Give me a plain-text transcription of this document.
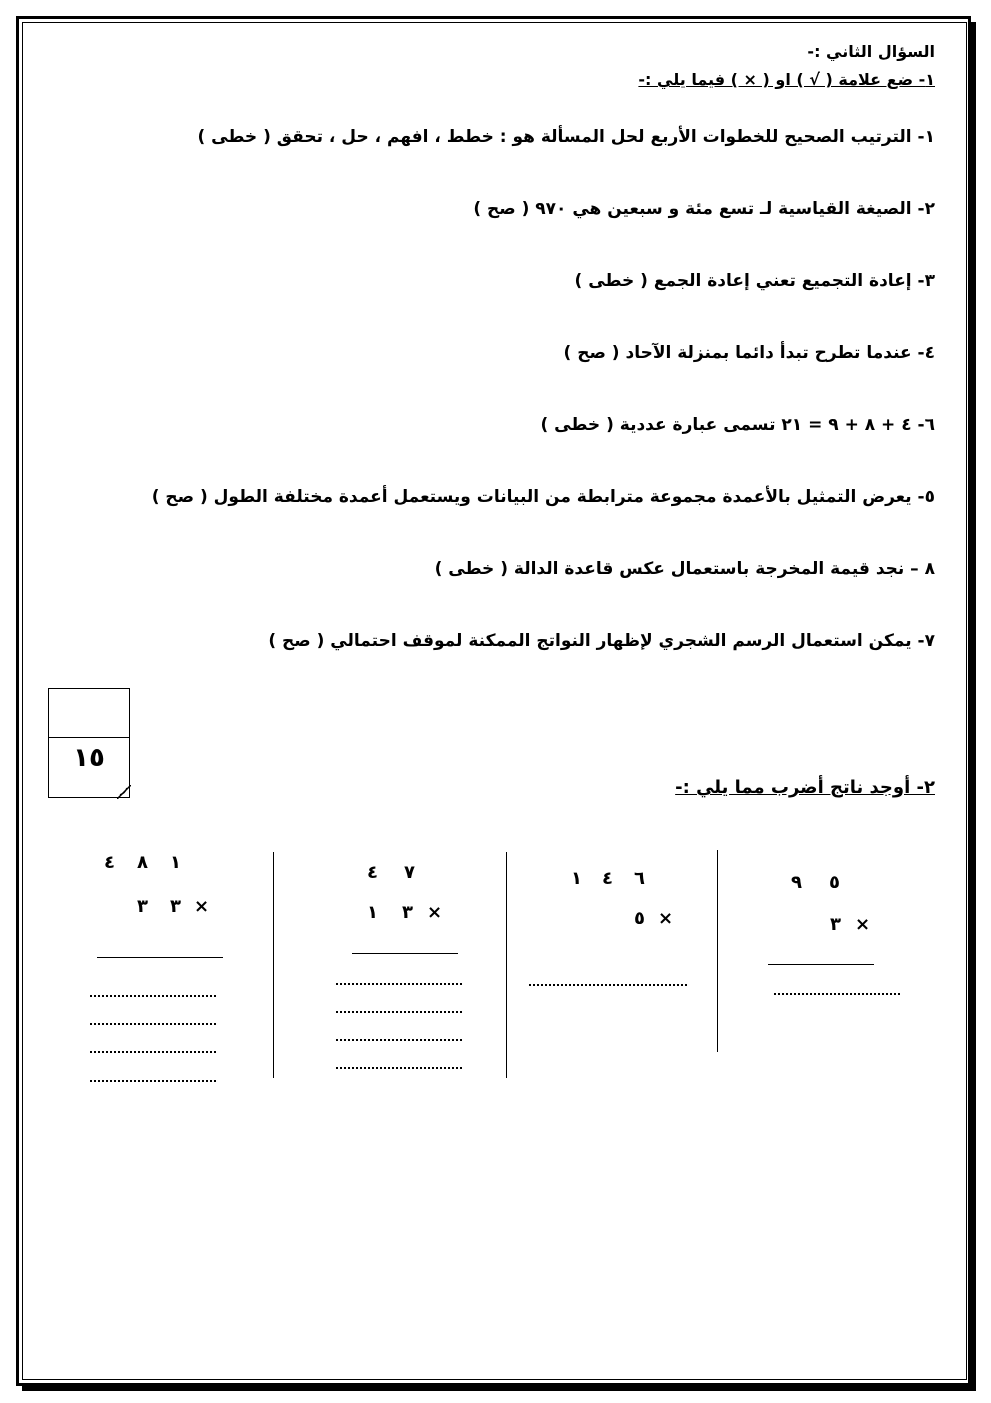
السؤال الثاني :-
١- ضع علامة ( √ ) او ( × ) فيما يلي :-
١- الترتيب الصحيح للخطوات الأربع لحل المسألة هو : خطط ، افهم ، حل ، تحقق ( خطى )
٢- الصيغة القياسية لـ تسع مئة و سبعين هي ٩٧٠ ( صح )
٣- إعادة التجميع تعني إعادة الجمع ( خطى )
٤- عندما تطرح تبدأ دائما بمنزلة الآحاد ( صح )
٦- ٤ + ٨ + ٩ = ٢١ تسمى عبارة عددية ( خطى )
٥- يعرض التمثيل بالأعمدة مجموعة مترابطة من البيانات ويستعمل أعمدة مختلفة الطول ( صح )
٨ – نجد قيمة المخرجة باستعمال عكس قاعدة الدالة ( خطى )
٧- يمكن استعمال الرسم الشجري لإظهار النواتج الممكنة لموقف احتمالي ( صح )
١٥
٢- أوجد ناتج أضرب مما يلي :-
٩ ٥
٣ ×
١ ٤ ٦
٥ ×
٤ ٧
١ ٣ ×
٤ ٨ ١
٣ ٣ ×
